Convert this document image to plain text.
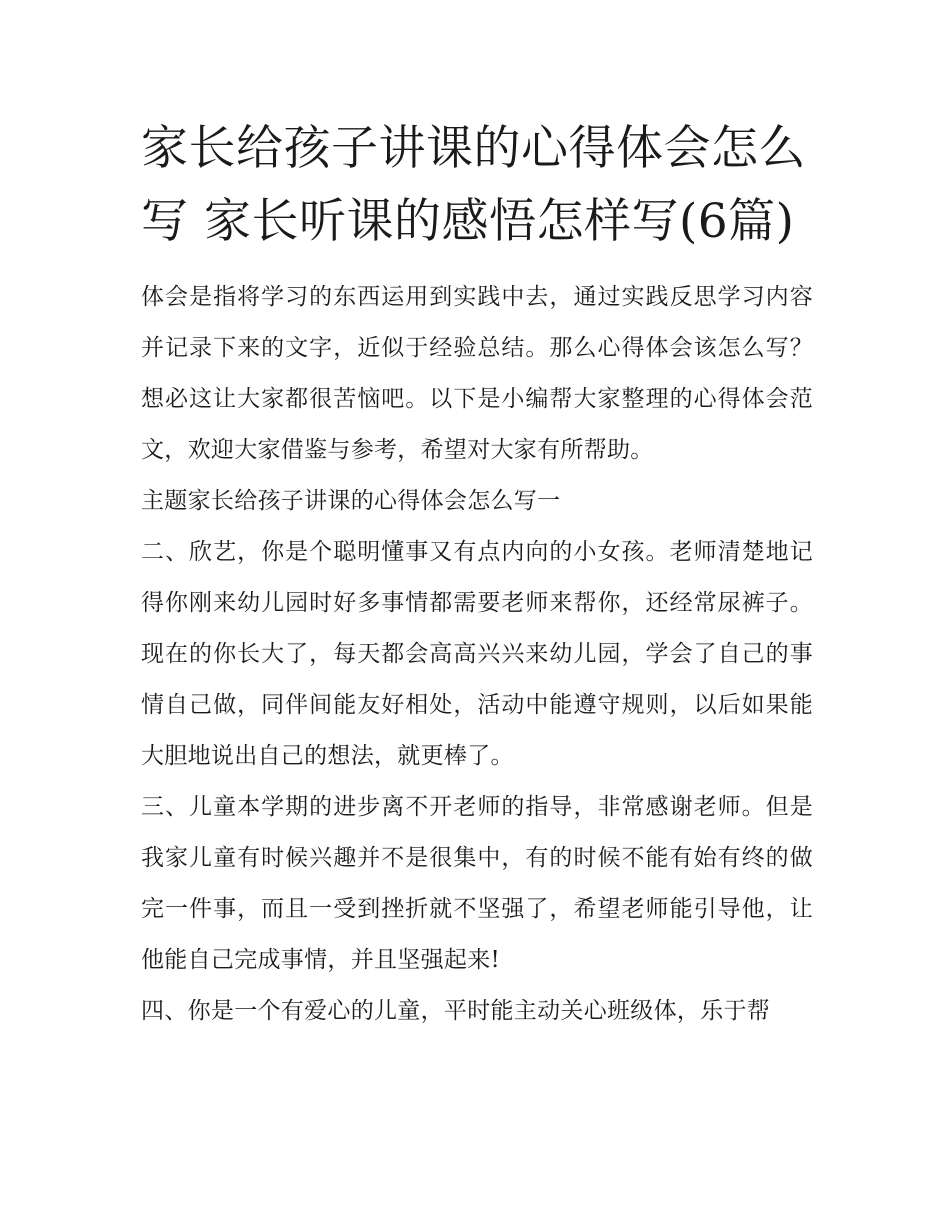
家长给孩子讲课的心得体会怎么写 家长听课的感悟怎样写(6篇)

体会是指将学习的东西运用到实践中去，通过实践反思学习内容并记录下来的文字，近似于经验总结。那么心得体会该怎么写？想必这让大家都很苦恼吧。以下是小编帮大家整理的心得体会范文，欢迎大家借鉴与参考，希望对大家有所帮助。

主题家长给孩子讲课的心得体会怎么写一

二、欣艺，你是个聪明懂事又有点内向的小女孩。老师清楚地记得你刚来幼儿园时好多事情都需要老师来帮你，还经常尿裤子。现在的你长大了，每天都会高高兴兴来幼儿园，学会了自己的事情自己做，同伴间能友好相处，活动中能遵守规则，以后如果能大胆地说出自己的想法，就更棒了。

三、儿童本学期的进步离不开老师的指导，非常感谢老师。但是我家儿童有时候兴趣并不是很集中，有的时候不能有始有终的做完一件事，而且一受到挫折就不坚强了，希望老师能引导他，让他能自己完成事情，并且坚强起来!

四、你是一个有爱心的儿童，平时能主动关心班级体，乐于帮
